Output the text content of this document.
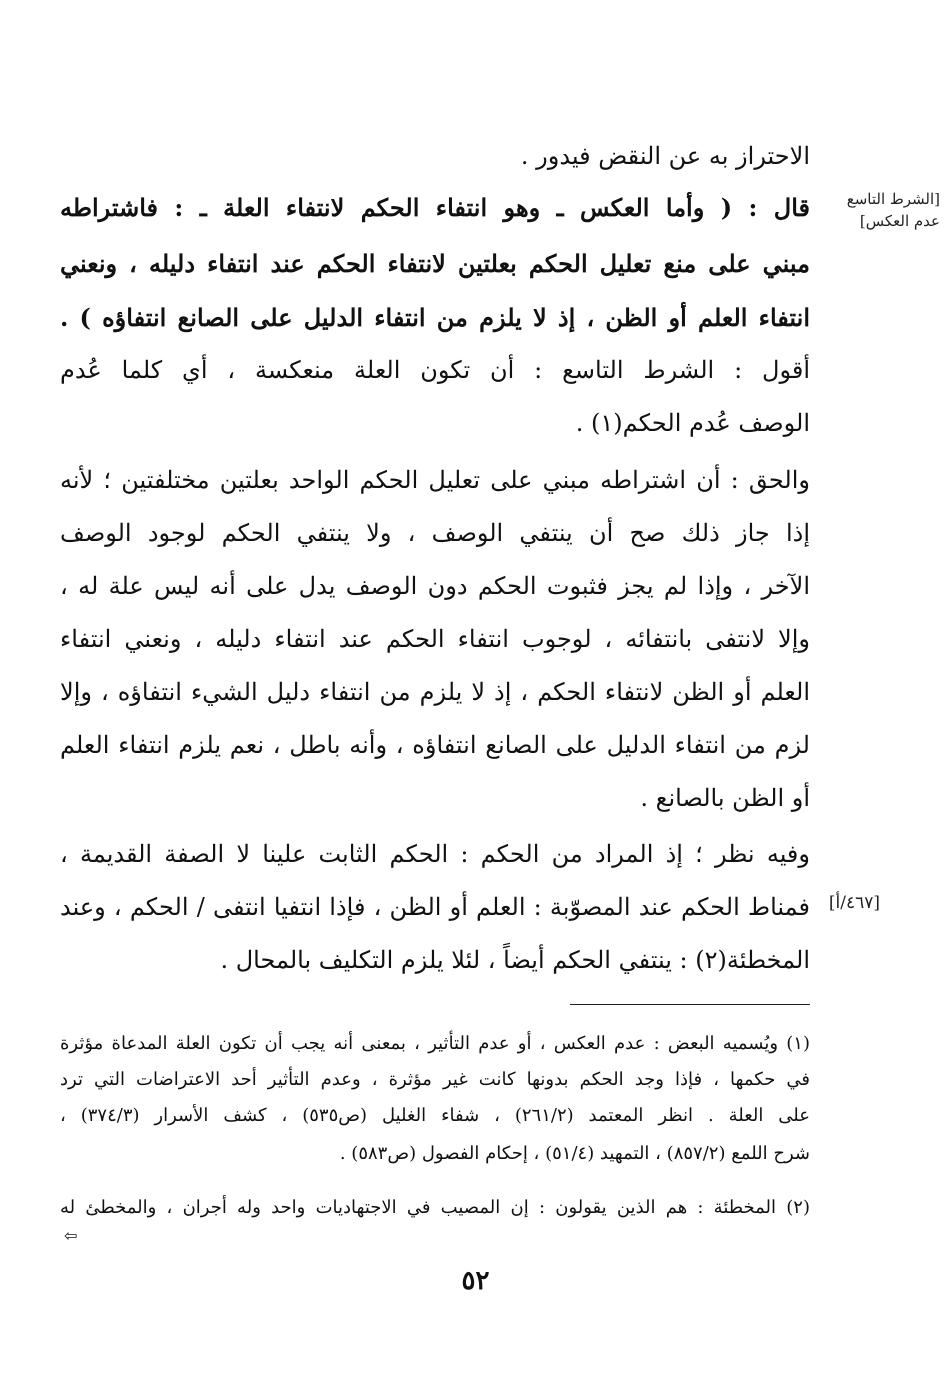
[الشرط التاسع عدم العكس]
[٤٦٧/أ]
الاحتراز به عن النقض فيدور .
قال : ( وأما العكس ـ وهو انتفاء الحكم لانتفاء العلة ـ : فاشتراطه
مبني على منع تعليل الحكم بعلتين لانتفاء الحكم عند انتفاء دليله ، ونعني
انتفاء العلم أو الظن ، إذ لا يلزم من انتفاء الدليل على الصانع انتفاؤه ) .
أقول : الشرط التاسع : أن تكون العلة منعكسة ، أي كلما عُدم
الوصف عُدم الحكم(١) .
والحق : أن اشتراطه مبني على تعليل الحكم الواحد بعلتين مختلفتين ؛ لأنه
إذا جاز ذلك صح أن ينتفي الوصف ، ولا ينتفي الحكم لوجود الوصف
الآخر ، وإذا لم يجز فثبوت الحكم دون الوصف يدل على أنه ليس علة له ،
وإلا لانتفى بانتفائه ، لوجوب انتفاء الحكم عند انتفاء دليله ، ونعني انتفاء
العلم أو الظن لانتفاء الحكم ، إذ لا يلزم من انتفاء دليل الشيء انتفاؤه ، وإلا
لزم من انتفاء الدليل على الصانع انتفاؤه ، وأنه باطل ، نعم يلزم انتفاء العلم
أو الظن بالصانع .
وفيه نظر ؛ إذ المراد من الحكم : الحكم الثابت علينا لا الصفة القديمة ،
فمناط الحكم عند المصوّبة : العلم أو الظن ، فإذا انتفيا انتفى / الحكم ، وعند
المخطئة(٢) : ينتفي الحكم أيضاً ، لئلا يلزم التكليف بالمحال .
(١) ويُسميه البعض : عدم العكس ، أو عدم التأثير ، بمعنى أنه يجب أن تكون العلة المدعاة مؤثرة
في حكمها ، فإذا وجد الحكم بدونها كانت غير مؤثرة ، وعدم التأثير أحد الاعتراضات التي ترد
على العلة . انظر المعتمد (٢٦١/٢) ، شفاء الغليل (ص٥٣٥) ، كشف الأسرار (٣٧٤/٣) ،
شرح اللمع (٨٥٧/٢) ، التمهيد (٥١/٤) ، إحكام الفصول (ص٥٨٣) .
(٢) المخطئة : هم الذين يقولون : إن المصيب في الاجتهاديات واحد وله أجران ، والمخطئ له
⇦
٥٢
